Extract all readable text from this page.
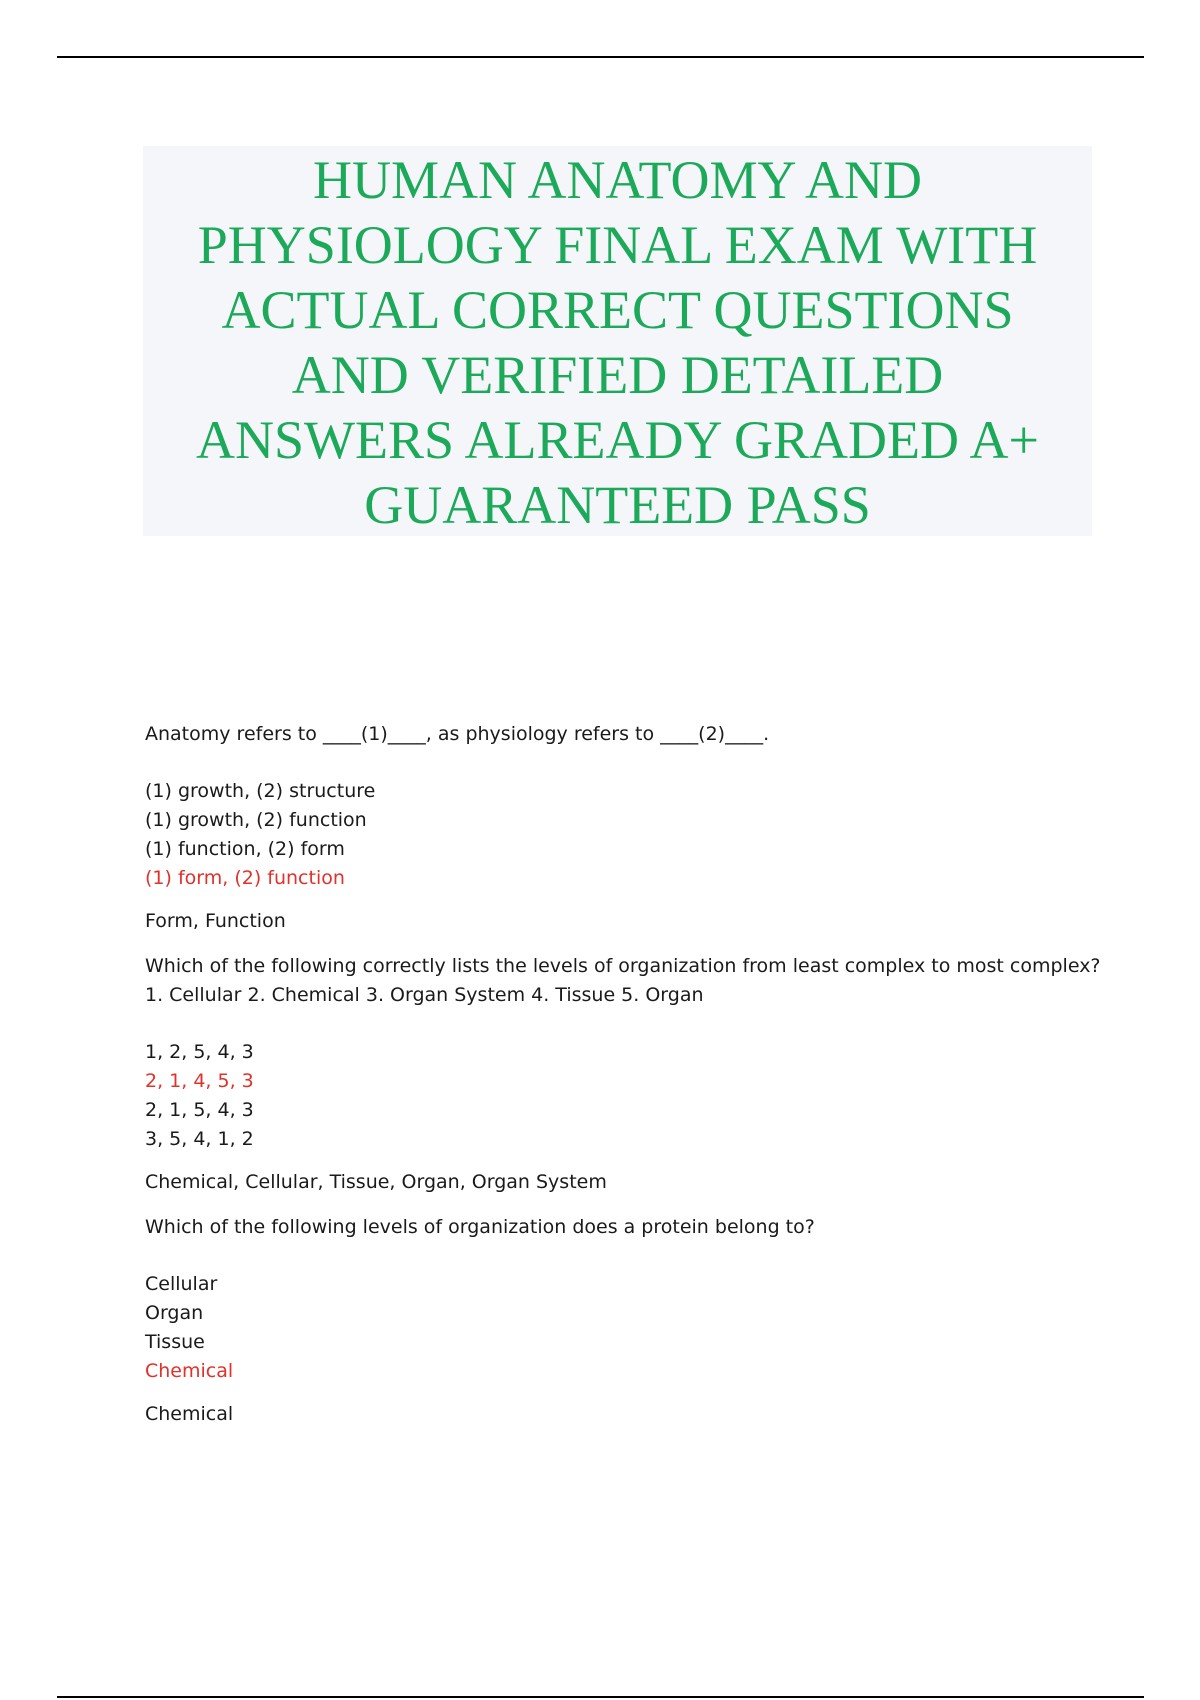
HUMAN ANATOMY AND
PHYSIOLOGY FINAL EXAM WITH
ACTUAL CORRECT QUESTIONS
AND VERIFIED DETAILED
ANSWERS ALREADY GRADED A+
GUARANTEED PASS

Anatomy refers to ____(1)____, as physiology refers to ____(2)____.

(1) growth, (2) structure

(1) growth, (2) function

(1) function, (2) form

(1) form, (2) function

Form, Function

Which of the following correctly lists the levels of organization from least complex to most complex?

1. Cellular 2. Chemical 3. Organ System 4. Tissue 5. Organ

1, 2, 5, 4, 3

2, 1, 4, 5, 3

2, 1, 5, 4, 3

3, 5, 4, 1, 2

Chemical, Cellular, Tissue, Organ, Organ System

Which of the following levels of organization does a protein belong to?

Cellular

Organ

Tissue

Chemical

Chemical
